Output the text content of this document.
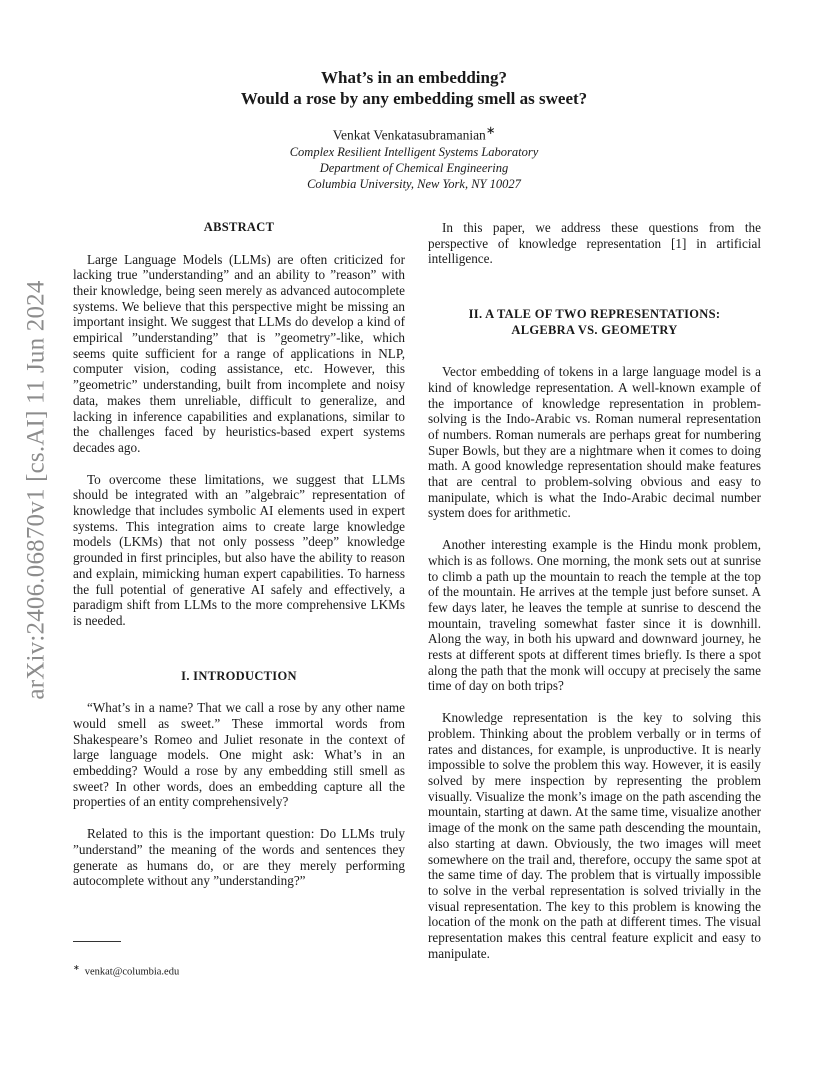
arXiv:2406.06870v1 [cs.AI] 11 Jun 2024
What’s in an embedding?
Would a rose by any embedding smell as sweet?
Venkat Venkatasubramanian∗
Complex Resilient Intelligent Systems Laboratory
Department of Chemical Engineering
Columbia University, New York, NY 10027
ABSTRACT

Large Language Models (LLMs) are often criticized for lacking true ”understanding” and an ability to ”reason” with their knowledge, being seen merely as advanced autocomplete systems. We believe that this perspective might be missing an important insight. We suggest that LLMs do develop a kind of empirical ”understanding” that is ”geometry”-like, which seems quite sufficient for a range of applications in NLP, computer vision, coding assistance, etc. However, this ”geometric” understanding, built from incomplete and noisy data, makes them unreliable, difficult to generalize, and lacking in inference capabilities and explanations, similar to the challenges faced by heuristics-based expert systems decades ago.

To overcome these limitations, we suggest that LLMs should be integrated with an ”algebraic” representation of knowledge that includes symbolic AI elements used in expert systems. This integration aims to create large knowledge models (LKMs) that not only possess ”deep” knowledge grounded in first principles, but also have the ability to reason and explain, mimicking human expert capabilities. To harness the full potential of generative AI safely and effectively, a paradigm shift from LLMs to the more comprehensive LKMs is needed.

I. INTRODUCTION

“What’s in a name? That we call a rose by any other name would smell as sweet.” These immortal words from Shakespeare’s Romeo and Juliet resonate in the context of large language models. One might ask: What’s in an embedding? Would a rose by any embedding still smell as sweet? In other words, does an embedding capture all the properties of an entity comprehensively?

Related to this is the important question: Do LLMs truly ”understand” the meaning of the words and sentences they generate as humans do, or are they merely performing autocomplete without any ”understanding?”

In this paper, we address these questions from the perspective of knowledge representation [1] in artificial intelligence.

II. A TALE OF TWO REPRESENTATIONS:
ALGEBRA VS. GEOMETRY

Vector embedding of tokens in a large language model is a kind of knowledge representation. A well-known example of the importance of knowledge representation in problem-solving is the Indo-Arabic vs. Roman numeral representation of numbers. Roman numerals are perhaps great for numbering Super Bowls, but they are a nightmare when it comes to doing math. A good knowledge representation should make features that are central to problem-solving obvious and easy to manipulate, which is what the Indo-Arabic decimal number system does for arithmetic.

Another interesting example is the Hindu monk problem, which is as follows. One morning, the monk sets out at sunrise to climb a path up the mountain to reach the temple at the top of the mountain. He arrives at the temple just before sunset. A few days later, he leaves the temple at sunrise to descend the mountain, traveling somewhat faster since it is downhill. Along the way, in both his upward and downward journey, he rests at different spots at different times briefly. Is there a spot along the path that the monk will occupy at precisely the same time of day on both trips?

Knowledge representation is the key to solving this problem. Thinking about the problem verbally or in terms of rates and distances, for example, is unproductive. It is nearly impossible to solve the problem this way. However, it is easily solved by mere inspection by representing the problem visually. Visualize the monk’s image on the path ascending the mountain, starting at dawn. At the same time, visualize another image of the monk on the same path descending the mountain, also starting at dawn. Obviously, the two images will meet somewhere on the trail and, therefore, occupy the same spot at the same time of day. The problem that is virtually impossible to solve in the verbal representation is solved trivially in the visual representation. The key to this problem is knowing the location of the monk on the path at different times. The visual representation makes this central feature explicit and easy to manipulate.

∗ venkat@columbia.edu
